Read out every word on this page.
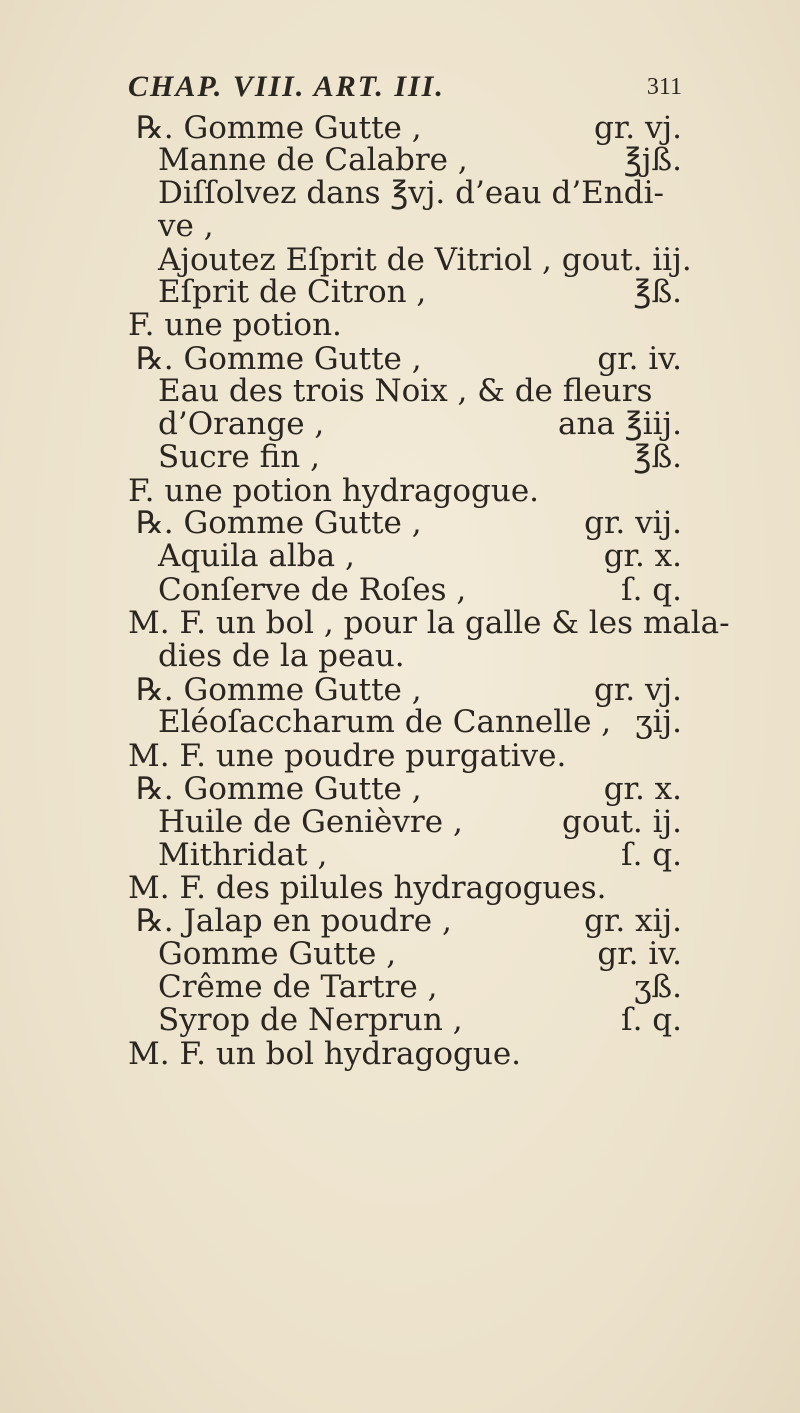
CHAP. VIII. ART. III.	311
℞. Gomme Gutte ,	gr. vj.
Manne de Calabre ,	℥jß.
Diſſolvez dans ℥vj. d’eau d’Endi-
ve ,
Ajoutez Eſprit de Vitriol , gout. iij.
Eſprit de Citron ,	℥ß.
F. une potion.
℞. Gomme Gutte ,	gr. iv.
Eau des trois Noix , & de fleurs
d’Orange ,	ana ℥iij.
Sucre fin ,	℥ß.
F. une potion hydragogue.
℞. Gomme Gutte ,	gr. vij.
Aquila alba ,	gr. x.
Conſerve de Roſes ,	ſ. q.
M. F. un bol , pour la galle & les mala-
dies de la peau.
℞. Gomme Gutte ,	gr. vj.
Eléoſaccharum de Cannelle , ʒij.
M. F. une poudre purgative.
℞. Gomme Gutte ,	gr. x.
Huile de Genièvre ,	gout. ij.
Mithridat ,	ſ. q.
M. F. des pilules hydragogues.
℞. Jalap en poudre ,	gr. xij.
Gomme Gutte ,	gr. iv.
Crême de Tartre ,	ʒß.
Syrop de Nerprun ,	ſ. q.
M. F. un bol hydragogue.
